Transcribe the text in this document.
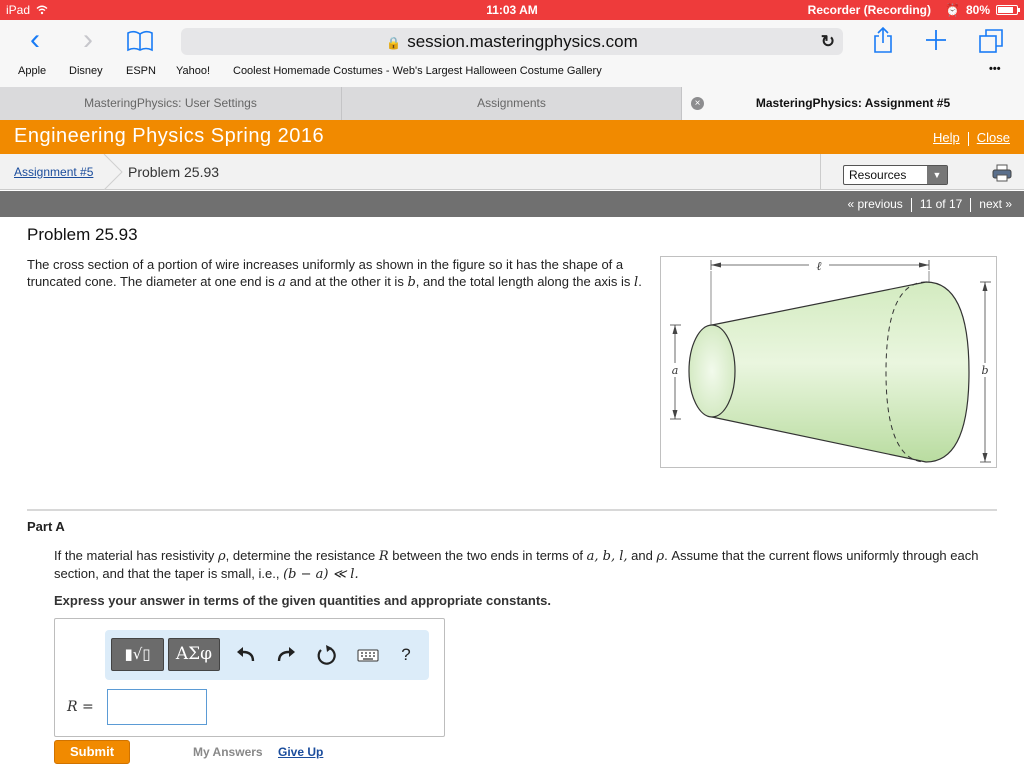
iPad	11:03 AM	Recorder (Recording) ⏰ 80%
‹ ›	🔒 session.masteringphysics.com	↻
Apple Disney ESPN Yahoo! Coolest Homemade Costumes - Web's Largest Halloween Costume Gallery	•••
MasteringPhysics: User Settings	Assignments	MasteringPhysics: Assignment #5
×
Engineering Physics Spring 2016	Help Close
Assignment #5 Problem 25.93	Resources	▼
« previous 11 of 17 next »
Problem 25.93
The cross section of a portion of wire increases uniformly as shown in the figure so it has the shape of a truncated cone. The diameter at one end is a and at the other it is b, and the total length along the axis is l.
ℓ
a	b
Part A
If the material has resistivity ρ, determine the resistance R between the two ends in terms of a, b, l, and ρ. Assume that the current flows uniformly through each section, and that the taper is small, i.e., (b − a) ≪ l.
Express your answer in terms of the given quantities and appropriate constants.
▮√▯	ΑΣφ	?
R =
Submit	My Answers Give Up
